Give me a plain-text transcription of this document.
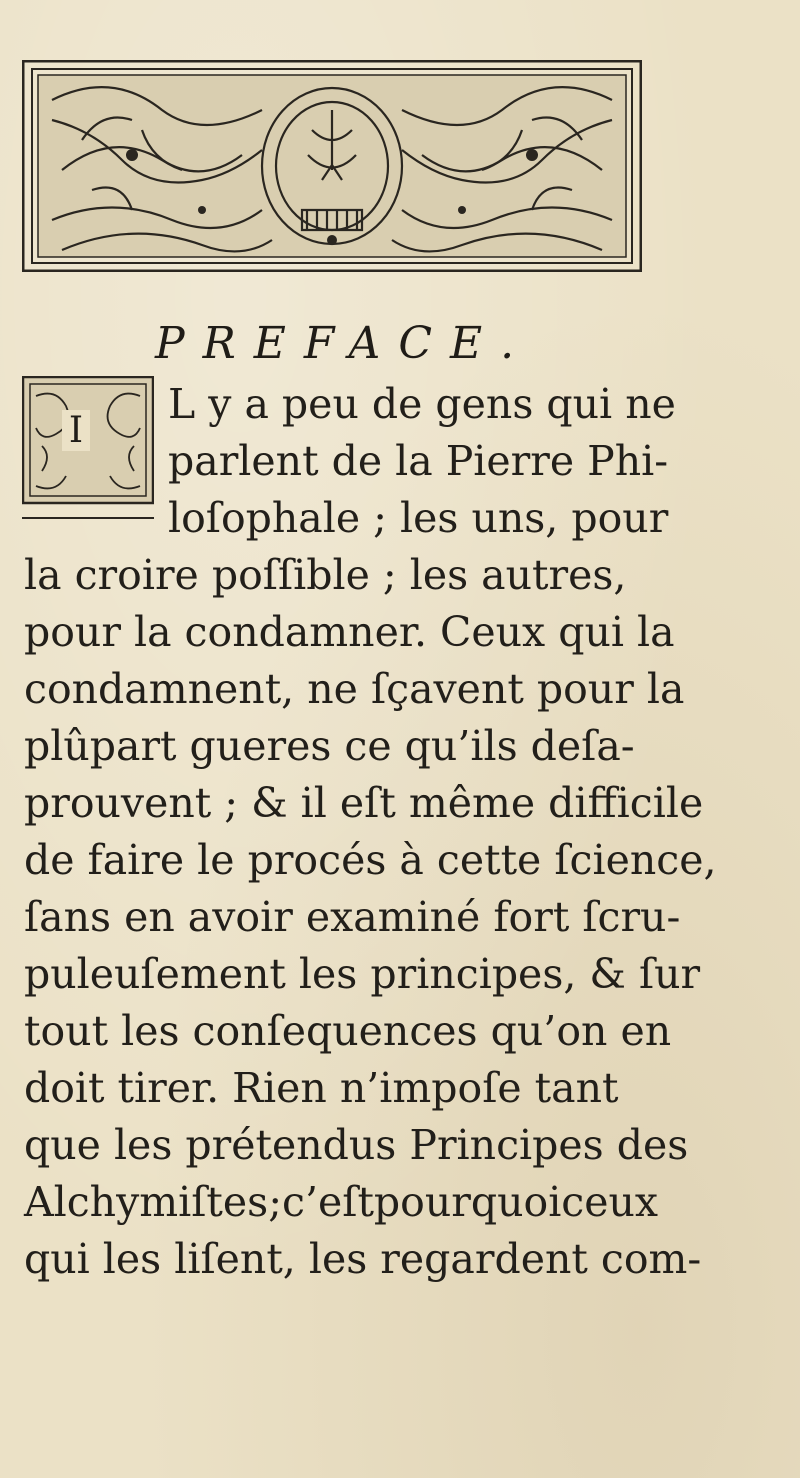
PREFACE.
I
L y a peu de gens qui ne
parlent de la Pierre Phi-
loſophale ; les uns, pour
la croire poſſible ; les autres,
pour la condamner. Ceux qui la
condamnent, ne ſçavent pour la
plûpart gueres ce qu’ils deſa-
prouvent ; & il eſt même difficile
de faire le procés à cette ſcience,
ſans en avoir examiné fort ſcru-
puleuſement les principes, & ſur
tout les conſequences qu’on en
doit tirer. Rien n’impoſe tant
que les prétendus Principes des
Alchymiſtes;c’eſtpourquoiceux
qui les liſent, les regardent com-
